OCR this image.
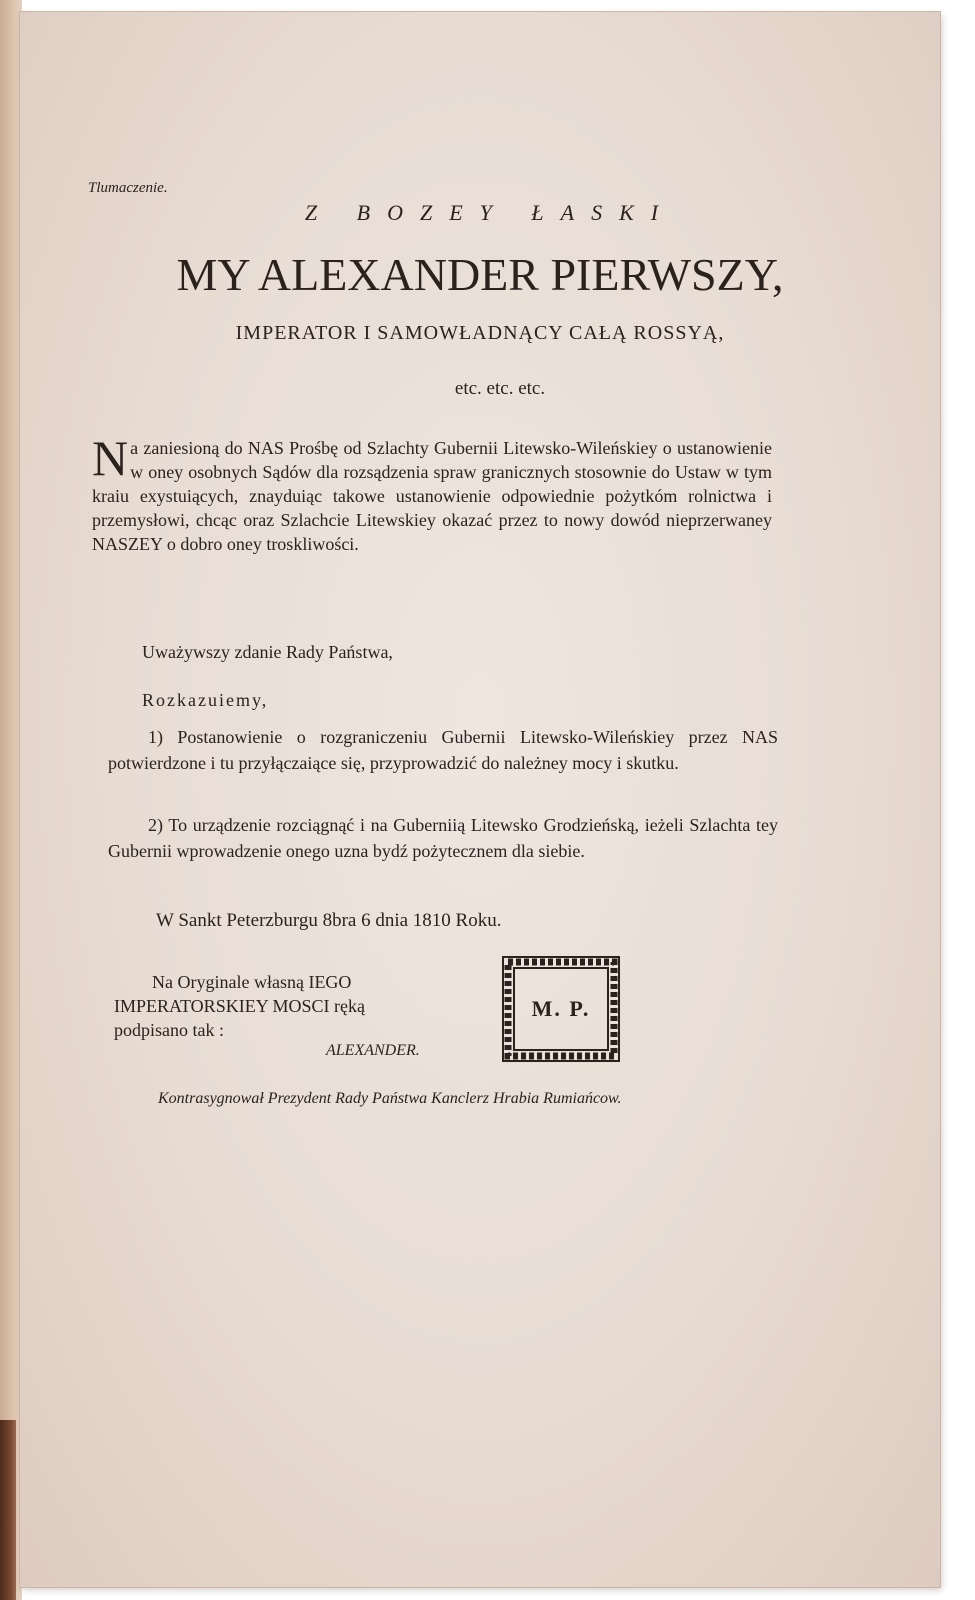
Tlumaczenie.
Z BOZEY ŁASKI
MY ALEXANDER PIERWSZY,
IMPERATOR I SAMOWŁADNĄCY CAŁĄ ROSSYĄ,
etc. etc. etc.
Na zaniesioną do NAS Prośbę od Szlachty Gubernii Litewsko-Wileńskiey o ustanowienie w oney osobnych Sądów dla rozsądzenia spraw granicznych stosownie do Ustaw w tym kraiu exystuiących, znayduiąc takowe ustanowienie odpowiednie pożytkóm rolnictwa i przemysłowi, chcąc oraz Szlachcie Litewskiey okazać przez to nowy dowód nieprzerwaney NASZEY o dobro oney troskliwości.
Uważywszy zdanie Rady Państwa,
Rozkazuiemy,
1) Postanowienie o rozgraniczeniu Gubernii Litewsko-Wileńskiey przez NAS potwierdzone i tu przyłączaiące się, przyprowadzić do należney mocy i skutku.
2) To urządzenie rozciągnąć i na Guberniią Litewsko Grodzieńską, ieżeli Szlachta tey Gubernii wprowadzenie onego uzna bydź pożytecznem dla siebie.
W Sankt Peterzburgu 8bra 6 dnia 1810 Roku.
Na Oryginale własną IEGO
IMPERATORSKIEY MOSCI ręką
podpisano tak :
ALEXANDER.
M. P.
Kontrasygnował Prezydent Rady Państwa Kanclerz Hrabia Rumiańcow.
